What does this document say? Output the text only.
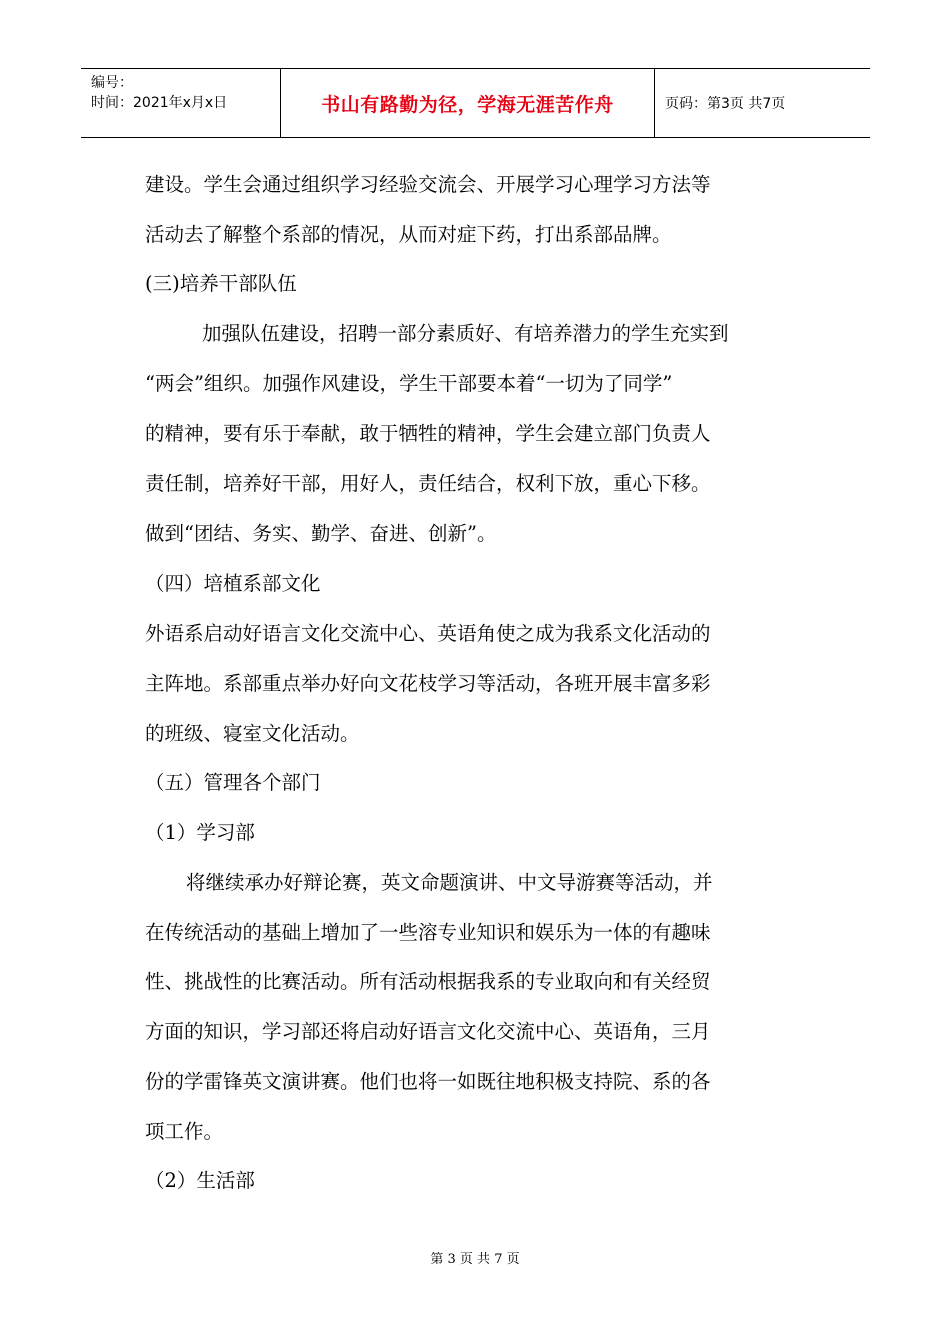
编号：
时间：2021年x月x日	书山有路勤为径，学海无涯苦作舟	页码：第3页 共7页
建设。学生会通过组织学习经验交流会、开展学习心理学习方法等
活动去了解整个系部的情况，从而对症下药，打出系部品牌。
(三)培养干部队伍
加强队伍建设，招聘一部分素质好、有培养潜力的学生充实到
“两会”组织。加强作风建设，学生干部要本着“一切为了同学”
的精神，要有乐于奉献，敢于牺牲的精神，学生会建立部门负责人
责任制，培养好干部，用好人，责任结合，权利下放，重心下移。
做到“团结、务实、勤学、奋进、创新”。
（四）培植系部文化
外语系启动好语言文化交流中心、英语角使之成为我系文化活动的
主阵地。系部重点举办好向文花枝学习等活动，各班开展丰富多彩
的班级、寝室文化活动。
（五）管理各个部门
（1）学习部
将继续承办好辩论赛，英文命题演讲、中文导游赛等活动，并
在传统活动的基础上增加了一些溶专业知识和娱乐为一体的有趣味
性、挑战性的比赛活动。所有活动根据我系的专业取向和有关经贸
方面的知识，学习部还将启动好语言文化交流中心、英语角，三月
份的学雷锋英文演讲赛。他们也将一如既往地积极支持院、系的各
项工作。
（2）生活部
第 3 页 共 7 页
